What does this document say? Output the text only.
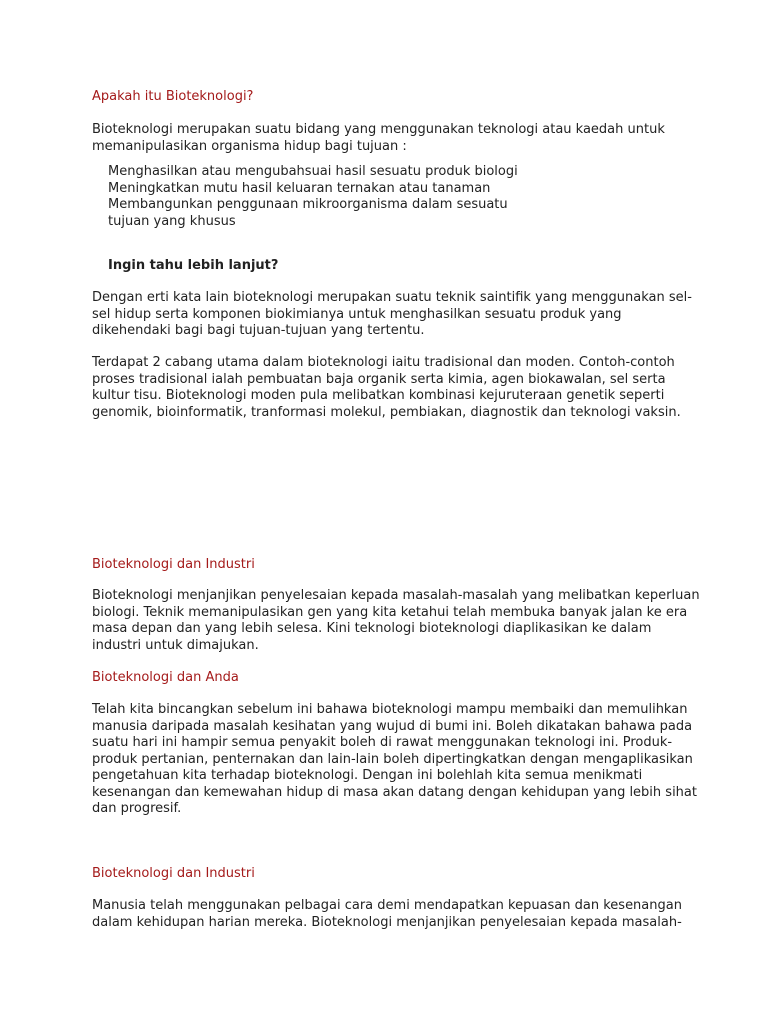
Apakah itu Bioteknologi?
Bioteknologi merupakan suatu bidang yang menggunakan teknologi atau kaedah untuk
memanipulasikan organisma hidup bagi tujuan :
Menghasilkan atau mengubahsuai hasil sesuatu produk biologi
Meningkatkan mutu hasil keluaran ternakan atau tanaman
Membangunkan penggunaan mikroorganisma dalam sesuatu
tujuan yang khusus
Ingin tahu lebih lanjut?
Dengan erti kata lain bioteknologi merupakan suatu teknik saintifik yang menggunakan sel-
sel hidup serta komponen biokimianya untuk menghasilkan sesuatu produk yang
dikehendaki bagi bagi tujuan-tujuan yang tertentu.
Terdapat 2 cabang utama dalam bioteknologi iaitu tradisional dan moden. Contoh-contoh
proses tradisional ialah pembuatan baja organik serta kimia, agen biokawalan, sel serta
kultur tisu. Bioteknologi moden pula melibatkan kombinasi kejuruteraan genetik seperti
genomik, bioinformatik, tranformasi molekul, pembiakan, diagnostik dan teknologi vaksin.
Bioteknologi dan Industri
Bioteknologi menjanjikan penyelesaian kepada masalah-masalah yang melibatkan keperluan
biologi. Teknik memanipulasikan gen yang kita ketahui telah membuka banyak jalan ke era
masa depan dan yang lebih selesa. Kini teknologi bioteknologi diaplikasikan ke dalam
industri untuk dimajukan.
Bioteknologi dan Anda
Telah kita bincangkan sebelum ini bahawa bioteknologi mampu membaiki dan memulihkan
manusia daripada masalah kesihatan yang wujud di bumi ini. Boleh dikatakan bahawa pada
suatu hari ini hampir semua penyakit boleh di rawat menggunakan teknologi ini. Produk-
produk pertanian, penternakan dan lain-lain boleh dipertingkatkan dengan mengaplikasikan
pengetahuan kita terhadap bioteknologi. Dengan ini bolehlah kita semua menikmati
kesenangan dan kemewahan hidup di masa akan datang dengan kehidupan yang lebih sihat
dan progresif.
Bioteknologi dan Industri
Manusia telah menggunakan pelbagai cara demi mendapatkan kepuasan dan kesenangan
dalam kehidupan harian mereka. Bioteknologi menjanjikan penyelesaian kepada masalah-
